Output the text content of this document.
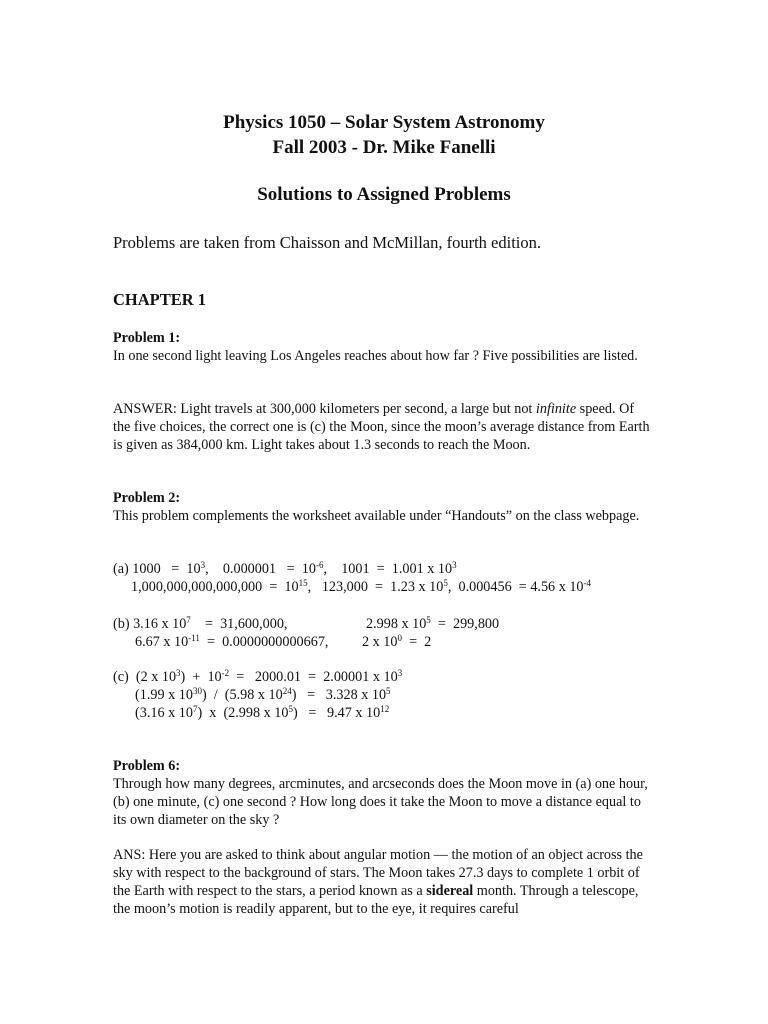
Physics 1050 – Solar System Astronomy
Fall 2003 - Dr. Mike Fanelli
Solutions to Assigned Problems
Problems are taken from Chaisson and McMillan, fourth edition.
CHAPTER 1
Problem 1:
In one second light leaving Los Angeles reaches about how far ? Five possibilities are listed.
ANSWER: Light travels at 300,000 kilometers per second, a large but not infinite speed. Of the five choices, the correct one is (c) the Moon, since the moon’s average distance from Earth is given as 384,000 km. Light takes about 1.3 seconds to reach the Moon.
Problem 2:
This problem complements the worksheet available under “Handouts” on the class webpage.
(a) $1000 = 10^3$,    $0.000001 = 10^{-6}$,    1001  =  1.001 x $10^3$
$1,000,000,000,000,000 = 10^{15}$,   123,000  =  1.23 x $10^5$,  0.000456  = 4.56 x $10^{-4}$
(b) 3.16 x $10^7$    =  31,600,000,	2.998 x $10^5 = 299,800$
6.67 x $10^{-11} = 0.0000000000667$, 2 x $10^0 = 2$
(c)  (2 x $10^3) + 10^{-2} = 2000.01 = 2.00001$ x $10^3$
(1.99 x $10^{30}) / (5.98$ x $10^{24}) = 3.328$ x $10^5$
(3.16 x $10^7$)  x  (2.998 x $10^5) = 9.47$ x $10^{12}$
Problem 6:
Through how many degrees, arcminutes, and arcseconds does the Moon move in (a) one hour, (b) one minute, (c) one second ? How long does it take the Moon to move a distance equal to its own diameter on the sky ?
ANS: Here you are asked to think about angular motion — the motion of an object across the sky with respect to the background of stars. The Moon takes 27.3 days to complete 1 orbit of the Earth with respect to the stars, a period known as a sidereal month. Through a telescope, the moon’s motion is readily apparent, but to the eye, it requires careful
